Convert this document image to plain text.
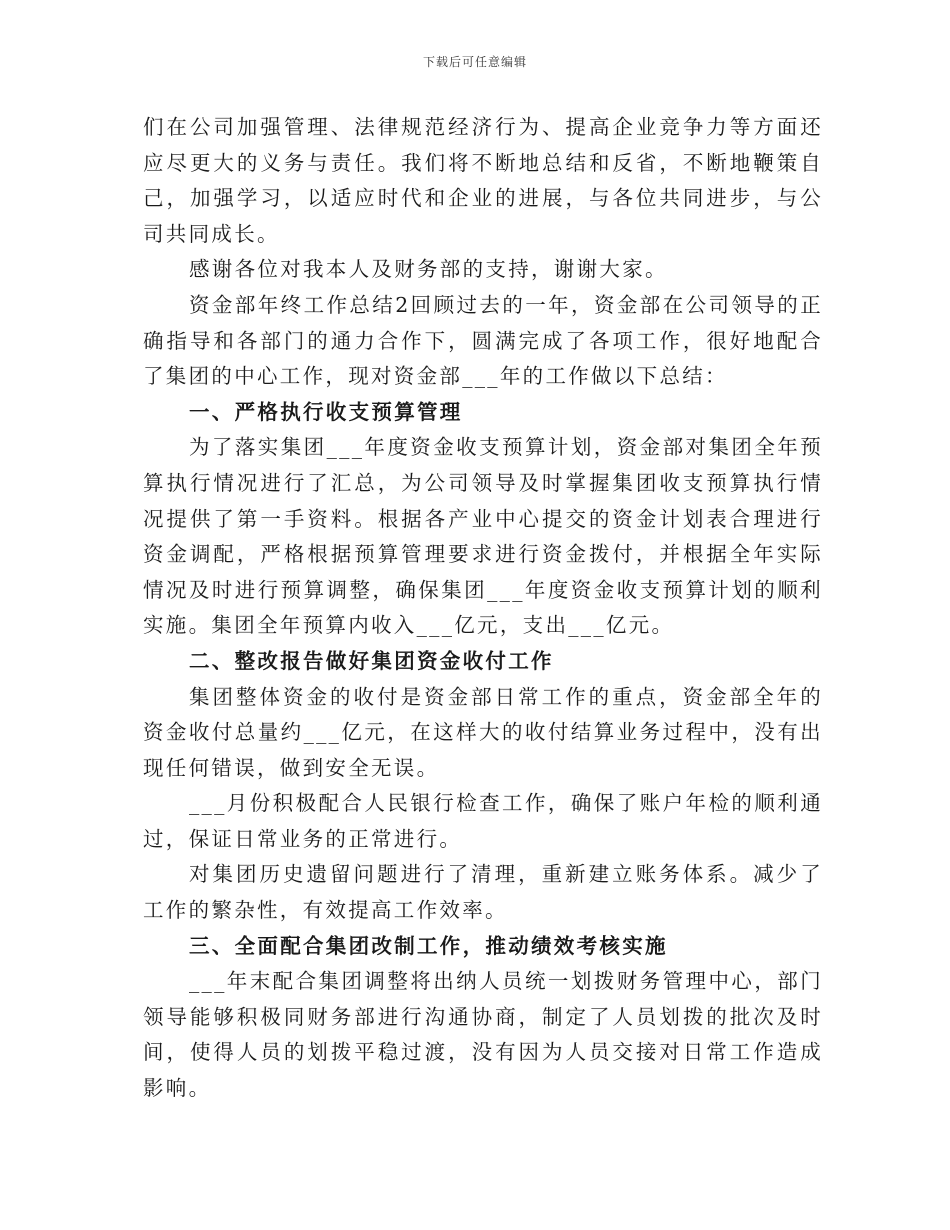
下载后可任意编辑

们在公司加强管理、法律规范经济行为、提高企业竞争力等方面还应尽更大的义务与责任。我们将不断地总结和反省，不断地鞭策自己，加强学习，以适应时代和企业的进展，与各位共同进步，与公司共同成长。

感谢各位对我本人及财务部的支持，谢谢大家。

资金部年终工作总结2回顾过去的一年，资金部在公司领导的正确指导和各部门的通力合作下，圆满完成了各项工作，很好地配合了集团的中心工作，现对资金部___年的工作做以下总结：

一、严格执行收支预算管理

为了落实集团___年度资金收支预算计划，资金部对集团全年预算执行情况进行了汇总，为公司领导及时掌握集团收支预算执行情况提供了第一手资料。根据各产业中心提交的资金计划表合理进行资金调配，严格根据预算管理要求进行资金拨付，并根据全年实际情况及时进行预算调整，确保集团___年度资金收支预算计划的顺利实施。集团全年预算内收入___亿元，支出___亿元。

二、整改报告做好集团资金收付工作

集团整体资金的收付是资金部日常工作的重点，资金部全年的资金收付总量约___亿元，在这样大的收付结算业务过程中，没有出现任何错误，做到安全无误。

___月份积极配合人民银行检查工作，确保了账户年检的顺利通过，保证日常业务的正常进行。

对集团历史遗留问题进行了清理，重新建立账务体系。减少了工作的繁杂性，有效提高工作效率。

三、全面配合集团改制工作，推动绩效考核实施

___年末配合集团调整将出纳人员统一划拨财务管理中心，部门领导能够积极同财务部进行沟通协商，制定了人员划拨的批次及时间，使得人员的划拨平稳过渡，没有因为人员交接对日常工作造成影响。
